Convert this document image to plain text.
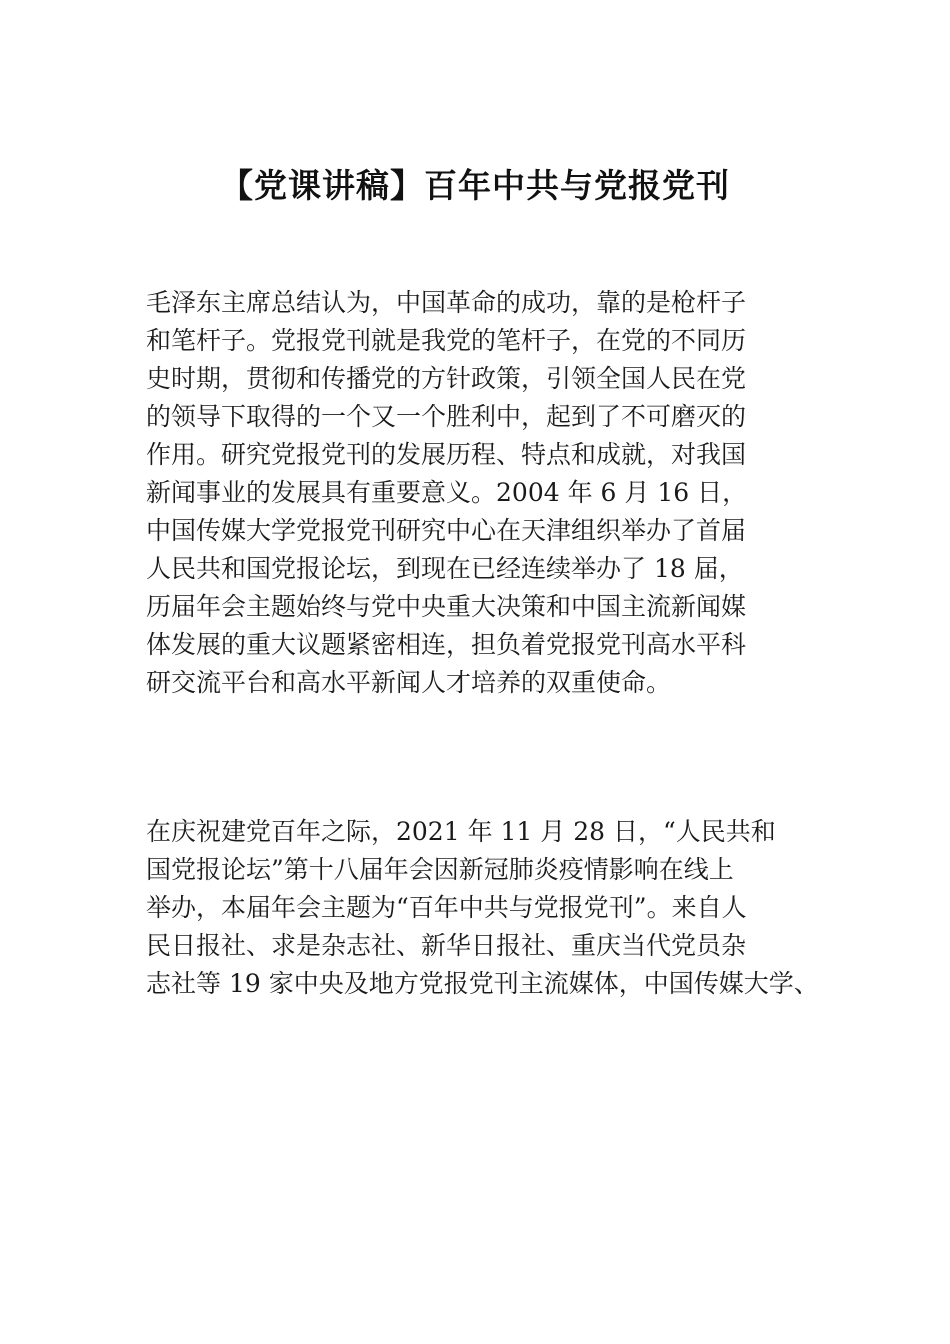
【党课讲稿】百年中共与党报党刊
毛泽东主席总结认为，中国革命的成功，靠的是枪杆子
和笔杆子。党报党刊就是我党的笔杆子，在党的不同历
史时期，贯彻和传播党的方针政策，引领全国人民在党
的领导下取得的一个又一个胜利中，起到了不可磨灭的
作用。研究党报党刊的发展历程、特点和成就，对我国
新闻事业的发展具有重要意义。2004 年 6 月 16 日，
中国传媒大学党报党刊研究中心在天津组织举办了首届
人民共和国党报论坛，到现在已经连续举办了 18 届，
历届年会主题始终与党中央重大决策和中国主流新闻媒
体发展的重大议题紧密相连，担负着党报党刊高水平科
研交流平台和高水平新闻人才培养的双重使命。
在庆祝建党百年之际，2021 年 11 月 28 日，“人民共和
国党报论坛”第十八届年会因新冠肺炎疫情影响在线上
举办，本届年会主题为“百年中共与党报党刊”。来自人
民日报社、求是杂志社、新华日报社、重庆当代党员杂
志社等 19 家中央及地方党报党刊主流媒体，中国传媒大学、
